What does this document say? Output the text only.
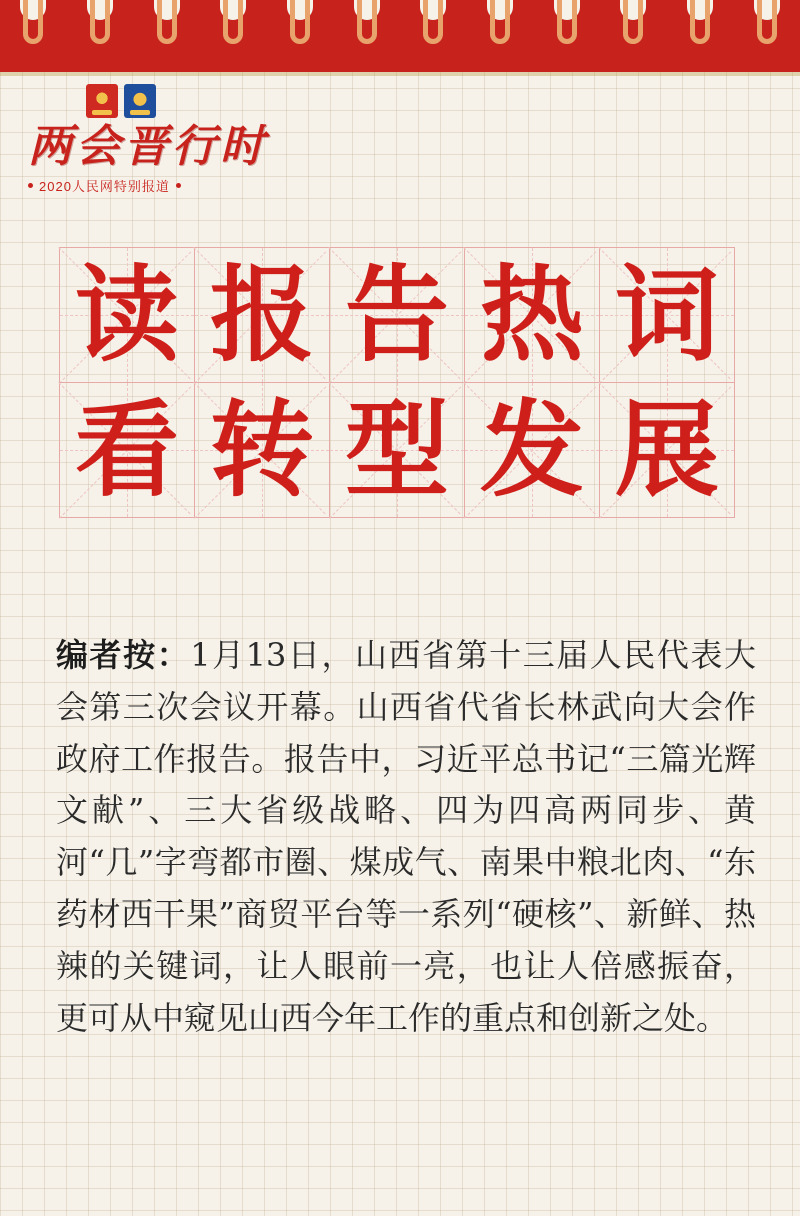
两会晋行时
2020人民网特别报道
读 报 告 热 词
看 转 型 发 展
编者按：1月13日，山西省第十三届人民代表大会第三次会议开幕。山西省代省长林武向大会作政府工作报告。报告中，习近平总书记“三篇光辉文献”、三大省级战略、四为四高两同步、黄河“几”字弯都市圈、煤成气、南果中粮北肉、“东药材西干果”商贸平台等一系列“硬核”、新鲜、热辣的关键词，让人眼前一亮，也让人倍感振奋，更可从中窥见山西今年工作的重点和创新之处。
